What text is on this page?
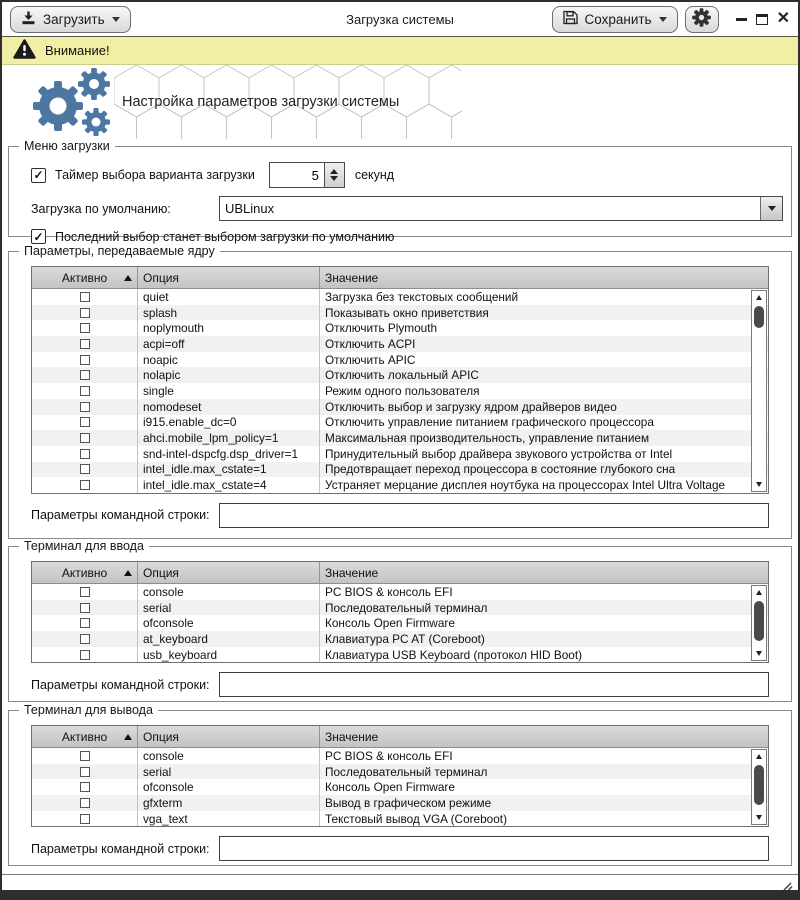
Загрузка системы
Загрузить	Сохранить	✕
Внимание!
Настройка параметров загрузки системы
Меню загрузки
✓ Таймер выбора варианта загрузки
5	секунд
Загрузка по умолчанию:	UBLinux
✓ Последний выбор станет выбором загрузки по умолчанию
Параметры, передаваемые ядру
Активно	Опция	Значение
quiet	Загрузка без текстовых сообщений
splash	Показывать окно приветствия
noplymouth	Отключить Plymouth
acpi=off	Отключить ACPI
noapic	Отключить APIC
nolapic	Отключить локальный APIC
single	Режим одного пользователя
nomodeset	Отключить выбор и загрузку ядром драйверов видео
i915.enable_dc=0	Отключить управление питанием графического процессора
ahci.mobile_lpm_policy=1	Максимальная производительность, управление питанием
snd-intel-dspcfg.dsp_driver=1	Принудительный выбор драйвера звукового устройства от Intel
intel_idle.max_cstate=1	Предотвращает переход процессора в состояние глубокого сна
intel_idle.max_cstate=4	Устраняет мерцание дисплея ноутбука на процессорах Intel Ultra Voltage
Параметры командной строки:
Терминал для ввода
Активно	Опция	Значение
console	PC BIOS & консоль EFI
serial	Последовательный терминал
ofconsole	Консоль Open Firmware
at_keyboard	Клавиатура PC AT (Coreboot)
usb_keyboard	Клавиатура USB Keyboard (протокол HID Boot)
Параметры командной строки:
Терминал для вывода
Активно	Опция	Значение
console	PC BIOS & консоль EFI
serial	Последовательный терминал
ofconsole	Консоль Open Firmware
gfxterm	Вывод в графическом режиме
vga_text	Текстовый вывод VGA (Coreboot)
Параметры командной строки:
